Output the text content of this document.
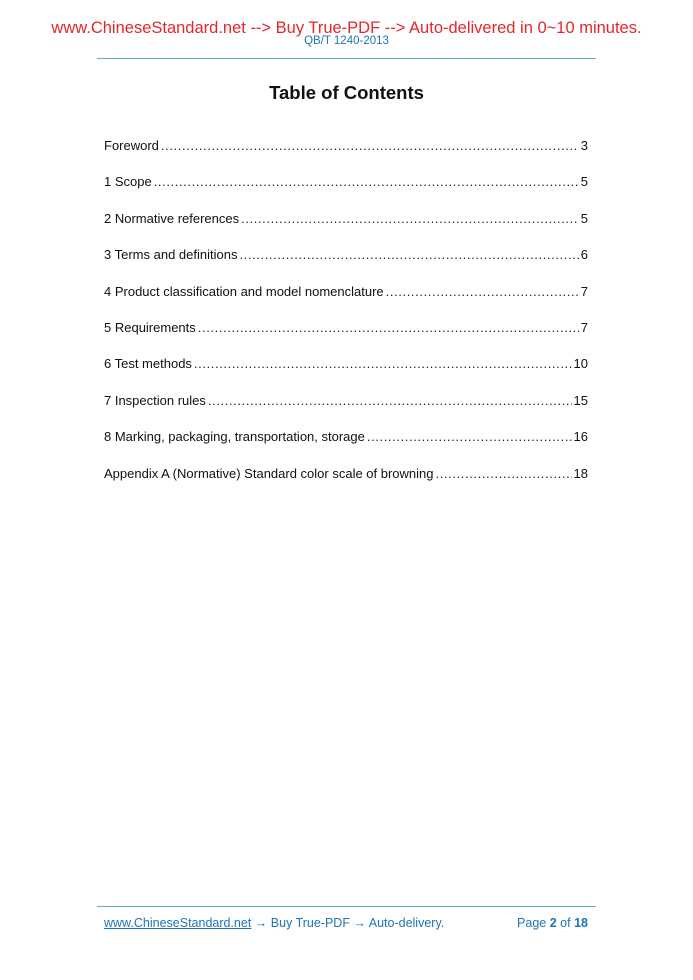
www.ChineseStandard.net --> Buy True-PDF --> Auto-delivered in 0~10 minutes.
QB/T 1240-2013
Table of Contents
Foreword .....	3
1 Scope .....	5
2 Normative references .....	5
3 Terms and definitions .....	6
4 Product classification and model nomenclature .....	7
5 Requirements .....	7
6 Test methods .....	10
7 Inspection rules .....	15
8 Marking, packaging, transportation, storage .....	16
Appendix A (Normative) Standard color scale of browning .....	18
www.ChineseStandard.net → Buy True-PDF → Auto-delivery.	Page 2 of 18
